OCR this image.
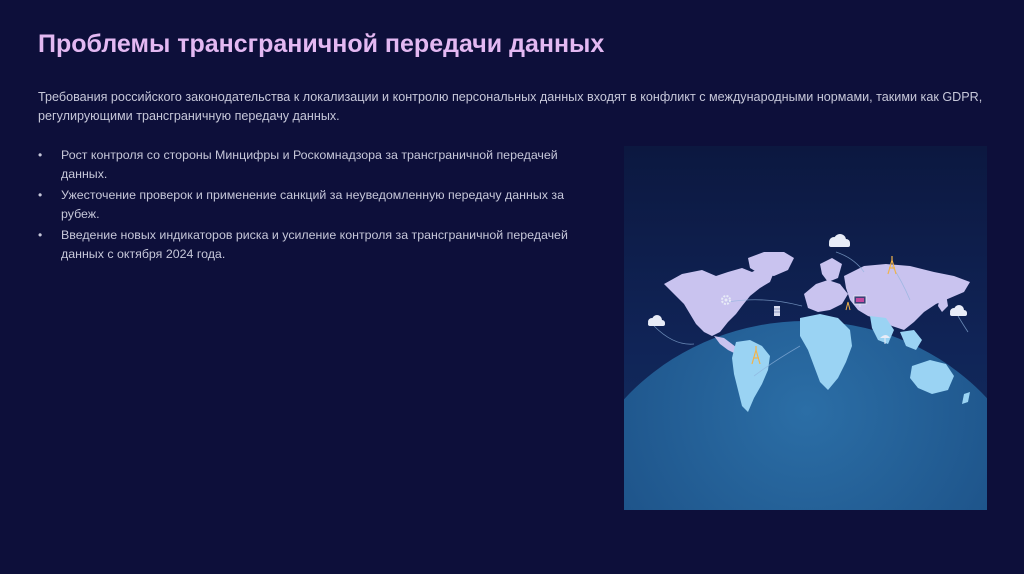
Проблемы трансграничной передачи данных

Требования российского законодательства к локализации и контролю персональных данных входят в конфликт с международными нормами, такими как GDPR, регулирующими трансграничную передачу данных.

• Рост контроля со стороны Минцифры и Роскомнадзора за трансграничной передачей данных.
• Ужесточение проверок и применение санкций за неуведомленную передачу данных за рубеж.
• Введение новых индикаторов риска и усиление контроля за трансграничной передачей данных с октября 2024 года.
